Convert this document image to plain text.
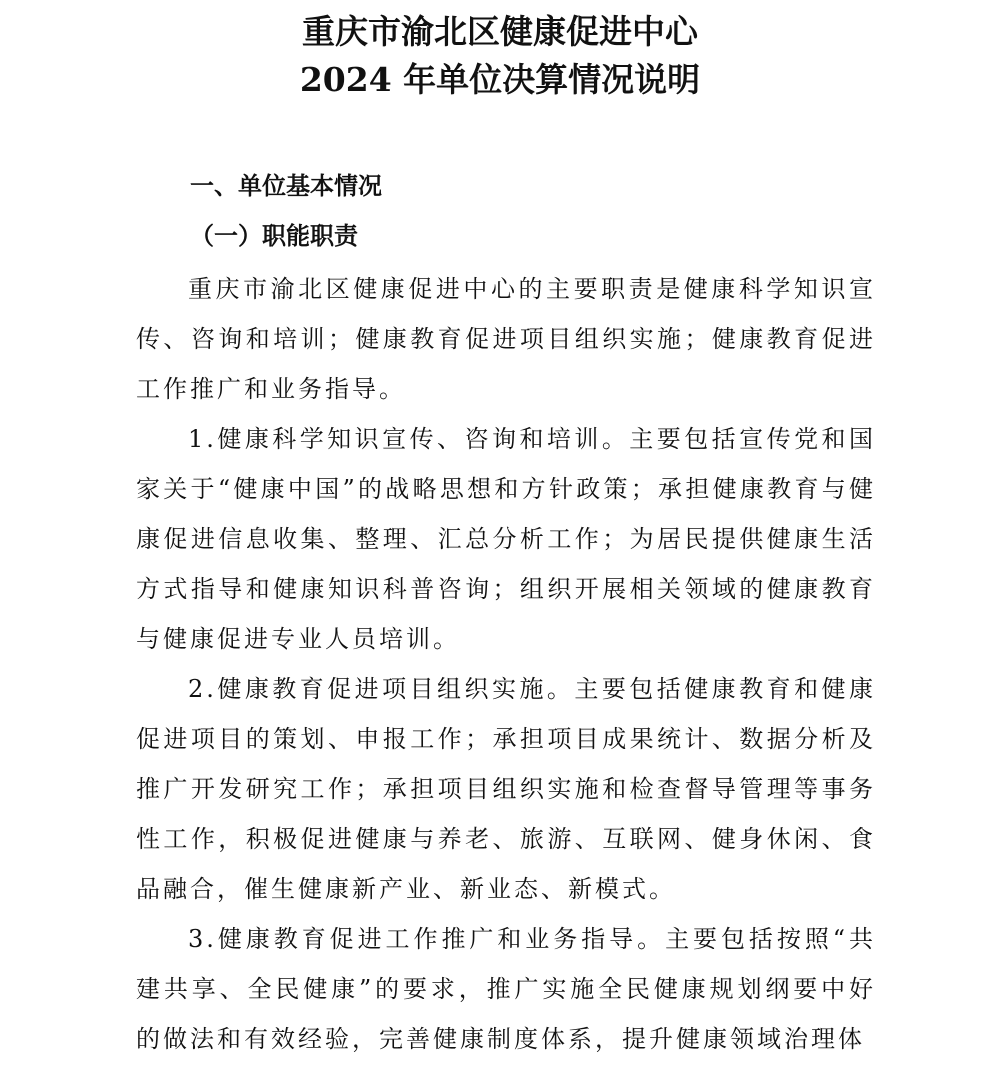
重庆市渝北区健康促进中心
2024 年单位决算情况说明
一、单位基本情况
（一）职能职责

重庆市渝北区健康促进中心的主要职责是健康科学知识宣传、咨询和培训；健康教育促进项目组织实施；健康教育促进工作推广和业务指导。

1.健康科学知识宣传、咨询和培训。主要包括宣传党和国家关于“健康中国”的战略思想和方针政策；承担健康教育与健康促进信息收集、整理、汇总分析工作；为居民提供健康生活方式指导和健康知识科普咨询；组织开展相关领域的健康教育与健康促进专业人员培训。

2.健康教育促进项目组织实施。主要包括健康教育和健康促进项目的策划、申报工作；承担项目成果统计、数据分析及推广开发研究工作；承担项目组织实施和检查督导管理等事务性工作，积极促进健康与养老、旅游、互联网、健身休闲、食品融合，催生健康新产业、新业态、新模式。

3.健康教育促进工作推广和业务指导。主要包括按照“共建共享、全民健康”的要求，推广实施全民健康规划纲要中好的做法和有效经验，完善健康制度体系，提升健康领域治理体
